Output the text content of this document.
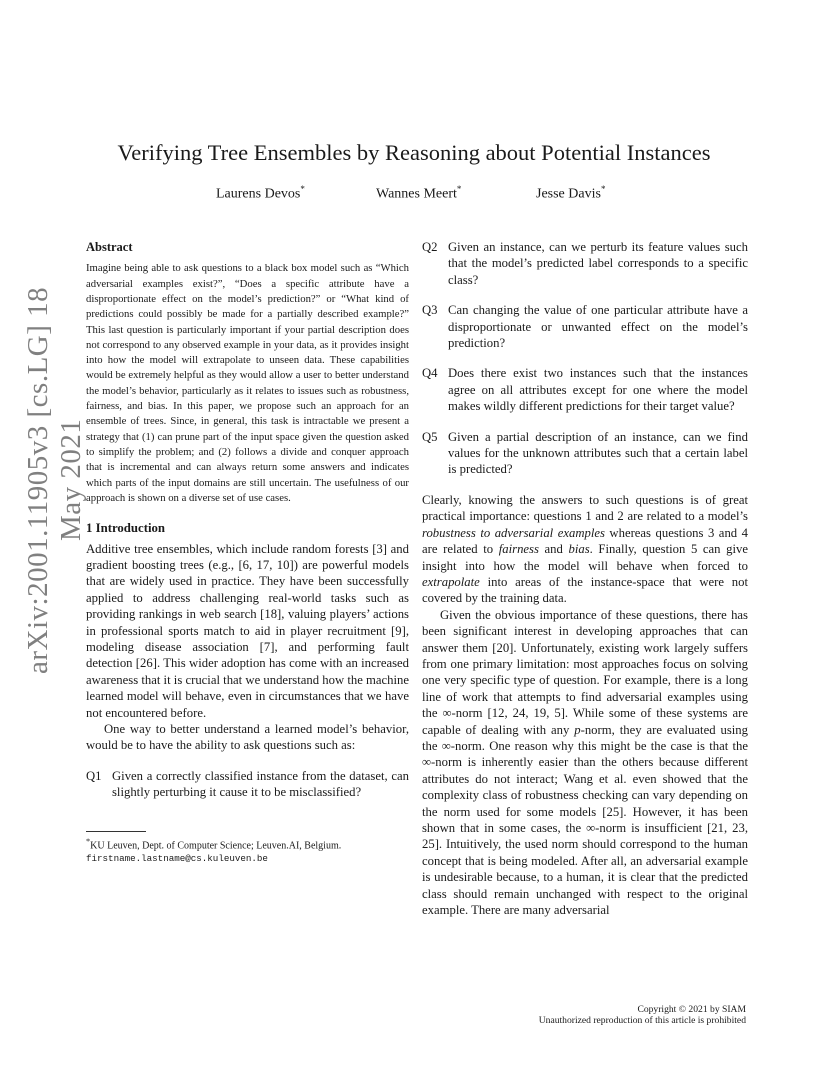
arXiv:2001.11905v3 [cs.LG] 18 May 2021
Verifying Tree Ensembles by Reasoning about Potential Instances
Laurens Devos*	Wannes Meert*	Jesse Davis*
Abstract

Imagine being able to ask questions to a black box model such as “Which adversarial examples exist?”, “Does a specific attribute have a disproportionate effect on the model’s prediction?” or “What kind of predictions could possibly be made for a partially described example?” This last question is particularly important if your partial description does not correspond to any observed example in your data, as it provides insight into how the model will extrapolate to unseen data. These capabilities would be extremely helpful as they would allow a user to better understand the model’s behavior, particularly as it relates to issues such as robustness, fairness, and bias. In this paper, we propose such an approach for an ensemble of trees. Since, in general, this task is intractable we present a strategy that (1) can prune part of the input space given the question asked to simplify the problem; and (2) follows a divide and conquer approach that is incremental and can always return some answers and indicates which parts of the input domains are still uncertain. The usefulness of our approach is shown on a diverse set of use cases.

1 Introduction

Additive tree ensembles, which include random forests [3] and gradient boosting trees (e.g., [6, 17, 10]) are powerful models that are widely used in practice. They have been successfully applied to address challenging real-world tasks such as providing rankings in web search [18], valuing players’ actions in professional sports match to aid in player recruitment [9], modeling disease association [7], and performing fault detection [26]. This wider adoption has come with an increased awareness that it is crucial that we understand how the machine learned model will behave, even in circumstances that we have not encountered before.

One way to better understand a learned model’s behavior, would be to have the ability to ask questions such as:

Q1 Given a correctly classified instance from the dataset, can slightly perturbing it cause it to be misclassified?
*KU Leuven, Dept. of Computer Science; Leuven.AI, Belgium.
firstname.lastname@cs.kuleuven.be
Q2 Given an instance, can we perturb its feature values such that the model’s predicted label corresponds to a specific class?
Q3 Can changing the value of one particular attribute have a disproportionate or unwanted effect on the model’s prediction?
Q4 Does there exist two instances such that the instances agree on all attributes except for one where the model makes wildly different predictions for their target value?
Q5 Given a partial description of an instance, can we find values for the unknown attributes such that a certain label is predicted?

Clearly, knowing the answers to such questions is of great practical importance: questions 1 and 2 are related to a model’s robustness to adversarial examples whereas questions 3 and 4 are related to fairness and bias. Finally, question 5 can give insight into how the model will behave when forced to extrapolate into areas of the instance-space that were not covered by the training data.

Given the obvious importance of these questions, there has been significant interest in developing approaches that can answer them [20]. Unfortunately, existing work largely suffers from one primary limitation: most approaches focus on solving one very specific type of question. For example, there is a long line of work that attempts to find adversarial examples using the ∞-norm [12, 24, 19, 5]. While some of these systems are capable of dealing with any p-norm, they are evaluated using the ∞-norm. One reason why this might be the case is that the ∞-norm is inherently easier than the others because different attributes do not interact; Wang et al. even showed that the complexity class of robustness checking can vary depending on the norm used for some models [25]. However, it has been shown that in some cases, the ∞-norm is insufficient [21, 23, 25]. Intuitively, the used norm should correspond to the human concept that is being modeled. After all, an adversarial example is undesirable because, to a human, it is clear that the predicted class should remain unchanged with respect to the original example. There are many adversarial

Copyright © 2021 by SIAM
Unauthorized reproduction of this article is prohibited
